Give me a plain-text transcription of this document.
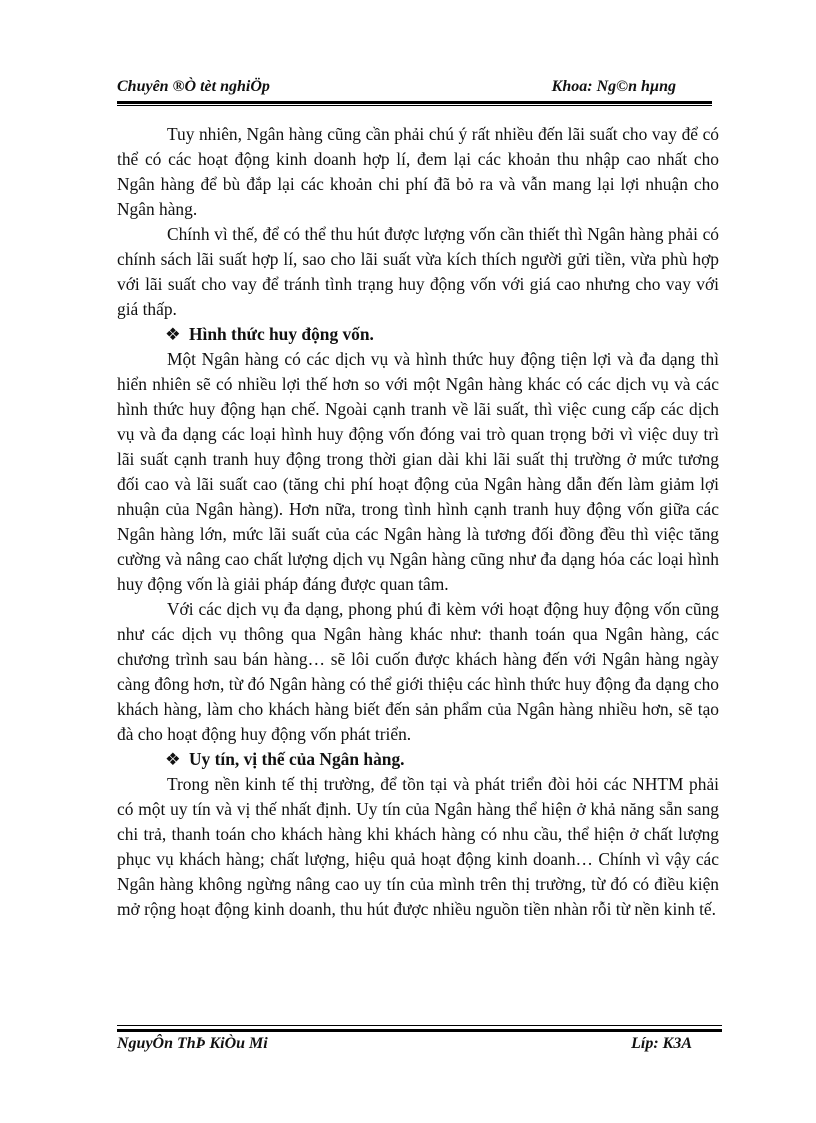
Chuyên ®Ò tèt nghiÖp	Khoa: Ng©n hµng

Tuy nhiên, Ngân hàng cũng cần phải chú ý rất nhiều đến lãi suất cho vay để có thể có các hoạt động kinh doanh hợp lí, đem lại các khoản thu nhập cao nhất cho Ngân hàng để bù đắp lại các khoản chi phí đã bỏ ra và vẫn mang lại lợi nhuận cho Ngân hàng.

Chính vì thế, để có thể thu hút được lượng vốn cần thiết thì Ngân hàng phải có chính sách lãi suất hợp lí, sao cho lãi suất vừa kích thích người gửi tiền, vừa phù hợp với lãi suất cho vay để tránh tình trạng huy động vốn với giá cao nhưng cho vay với giá thấp.

❖ Hình thức huy động vốn.

Một Ngân hàng có các dịch vụ và hình thức huy động tiện lợi và đa dạng thì hiển nhiên sẽ có nhiều lợi thế hơn so với một Ngân hàng khác có các dịch vụ và các hình thức huy động hạn chế. Ngoài cạnh tranh về lãi suất, thì việc cung cấp các dịch vụ và đa dạng các loại hình huy động vốn đóng vai trò quan trọng bởi vì việc duy trì lãi suất cạnh tranh huy động trong thời gian dài khi lãi suất thị trường ở mức tương đối cao và lãi suất cao (tăng chi phí hoạt động của Ngân hàng dẫn đến làm giảm lợi nhuận của Ngân hàng). Hơn nữa, trong tình hình cạnh tranh huy động vốn giữa các Ngân hàng lớn, mức lãi suất của các Ngân hàng là tương đối đồng đều thì việc tăng cường và nâng cao chất lượng dịch vụ Ngân hàng cũng như đa dạng hóa các loại hình huy động vốn là giải pháp đáng được quan tâm.

Với các dịch vụ đa dạng, phong phú đi kèm với hoạt động huy động vốn cũng như các dịch vụ thông qua Ngân hàng khác như: thanh toán qua Ngân hàng, các chương trình sau bán hàng… sẽ lôi cuốn được khách hàng đến với Ngân hàng ngày càng đông hơn, từ đó Ngân hàng có thể giới thiệu các hình thức huy động đa dạng cho khách hàng, làm cho khách hàng biết đến sản phẩm của Ngân hàng nhiều hơn, sẽ tạo đà cho hoạt động huy động vốn phát triển.

❖ Uy tín, vị thế của Ngân hàng.

Trong nền kinh tế thị trường, để tồn tại và phát triển đòi hỏi các NHTM phải có một uy tín và vị thế nhất định. Uy tín của Ngân hàng thể hiện ở khả năng sẵn sang chi trả, thanh toán cho khách hàng khi khách hàng có nhu cầu, thể hiện ở chất lượng phục vụ khách hàng; chất lượng, hiệu quả hoạt động kinh doanh… Chính vì vậy các Ngân hàng không ngừng nâng cao uy tín của mình trên thị trường, từ đó có điều kiện mở rộng hoạt động kinh doanh, thu hút được nhiều nguồn tiền nhàn rỗi từ nền kinh tế.

NguyÔn ThÞ KiÒu Mi	Líp: K3A
